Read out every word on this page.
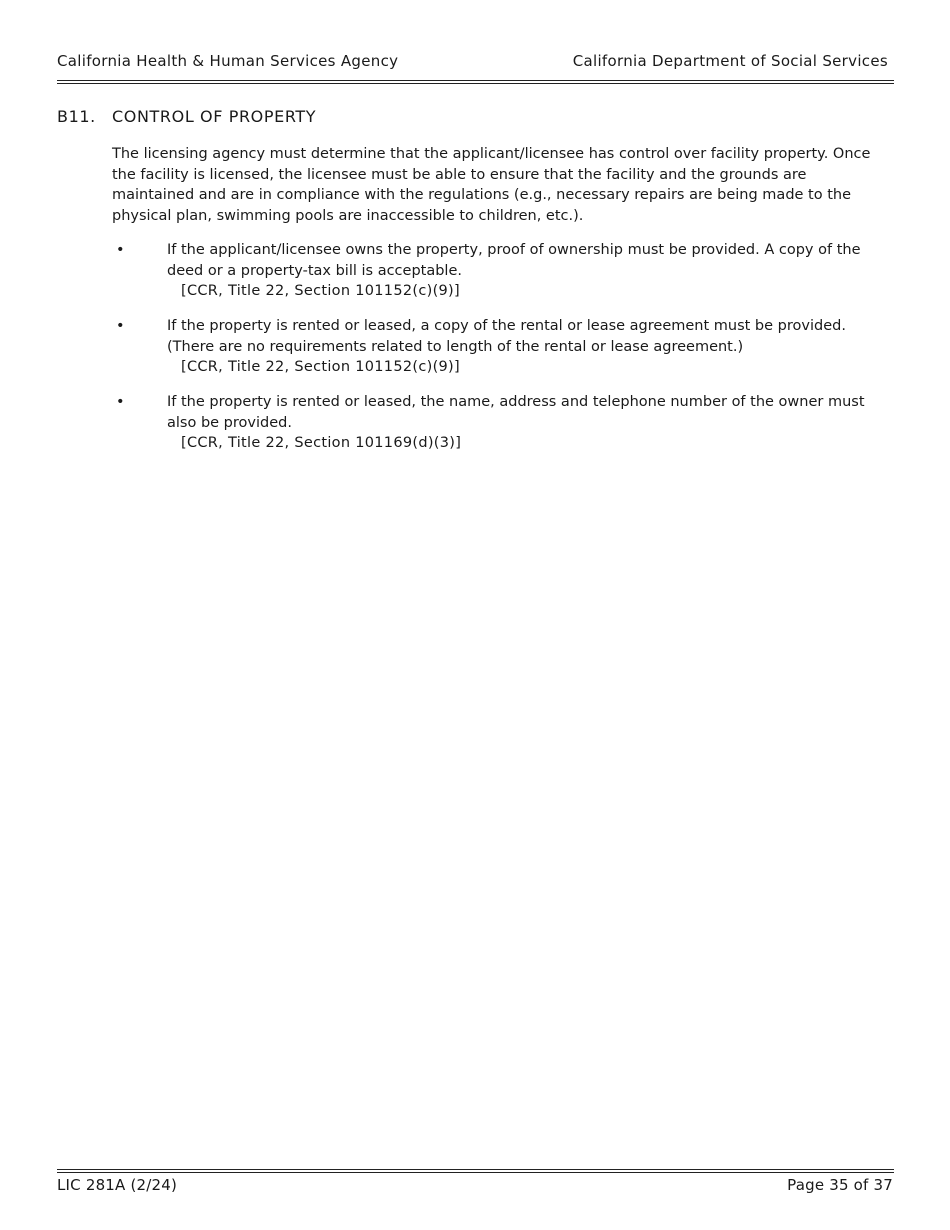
California Health & Human Services Agency	California Department of Social Services
B11. CONTROL OF PROPERTY

The licensing agency must determine that the applicant/licensee has control over facility property. Once the facility is licensed, the licensee must be able to ensure that the facility and the grounds are maintained and are in compliance with the regulations (e.g., necessary repairs are being made to the physical plan, swimming pools are inaccessible to children, etc.).

•	If the applicant/licensee owns the property, proof of ownership must be provided. A copy of the deed or a property-tax bill is acceptable.
[CCR, Title 22, Section 101152(c)(9)]
•	If the property is rented or leased, a copy of the rental or lease agreement must be provided. (There are no requirements related to length of the rental or lease agreement.)
[CCR, Title 22, Section 101152(c)(9)]
•	If the property is rented or leased, the name, address and telephone number of the owner must also be provided.
[CCR, Title 22, Section 101169(d)(3)]
LIC 281A (2/24)	Page 35 of 37
